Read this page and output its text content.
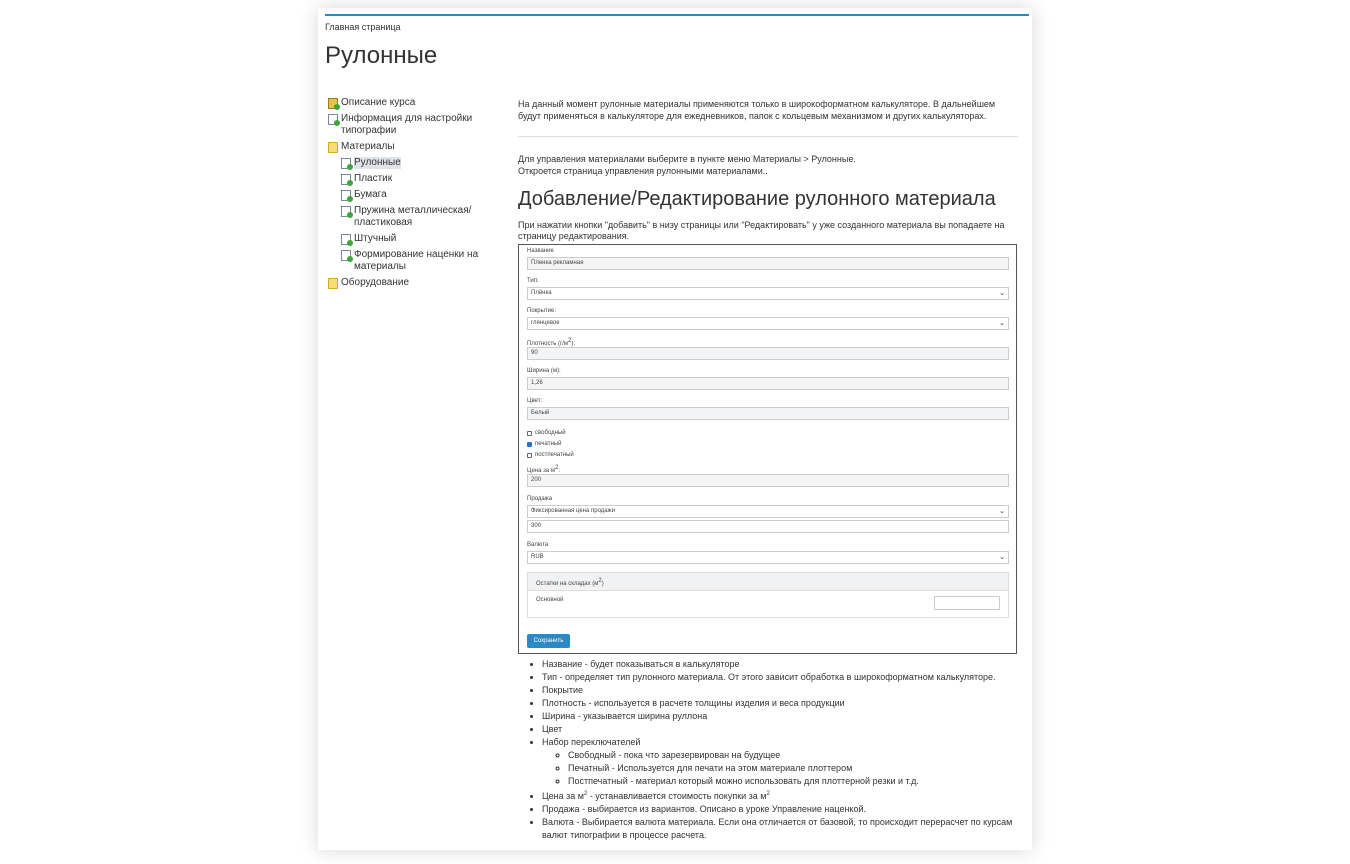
Главная страница
Рулонные
Описание курса
Информация для настройки типографии
Материалы
Рулонные
Пластик
Бумага
Пружина металлическая/ пластиковая
Штучный
Формирование наценки на материалы
Оборудование
На данный момент рулонные материалы применяются только в широкоформатном калькуляторе. В дальнейшем будут применяться в калькуляторе для ежедневников, папок с кольцевым механизмом и других калькуляторах.
Для управления материалами выберите в пункте меню Материалы > Рулонные.
Откроется страница управления рулонными материалами..
Добавление/Редактирование рулонного материала
При нажатии кнопки "добавить" в низу страницы или "Редактировать" у уже созданного материала вы попадаете на страницу редактирования.
Название
Пленка рекламная
Тип:
Плёнка	⌄
Покрытие:
глянцевое	⌄
Плотность $(г/м^2)$:
90
Ширина (м):
1,26
Цвет:
Белый
свободный
печатный
постпечатный
Цена за $м^2$:
200
Продажа
Фиксированная цена продажи	⌄
300
Валюта
RUB	⌄
Остатки на складах $(м^2)$
Основной
Сохранить
• Название - будет показываться в калькуляторе
• Тип - определяет тип рулонного материала. От этого зависит обработка в широкоформатном калькуляторе.
• Покрытие
• Плотность - используется в расчете толщины изделия и веса продукции
• Ширина - указывается ширина руллона
• Цвет
• Набор переключателей
◦ Свободный - пока что зарезервирован на будущее
◦ Печатный - Используется для печати на этом материале плоттером
◦ Постпечатный - материал который можно использовать для плоттерной резки и т.д.
• Цена за $м^2$ - устанавливается стоимость покупки за $м^2$
• Продажа - выбирается из вариантов. Описано в уроке Управление наценкой.
• Валюта - Выбирается валюта материала. Если она отличается от базовой, то происходит перерасчет по курсам валют типографии в процессе расчета.
